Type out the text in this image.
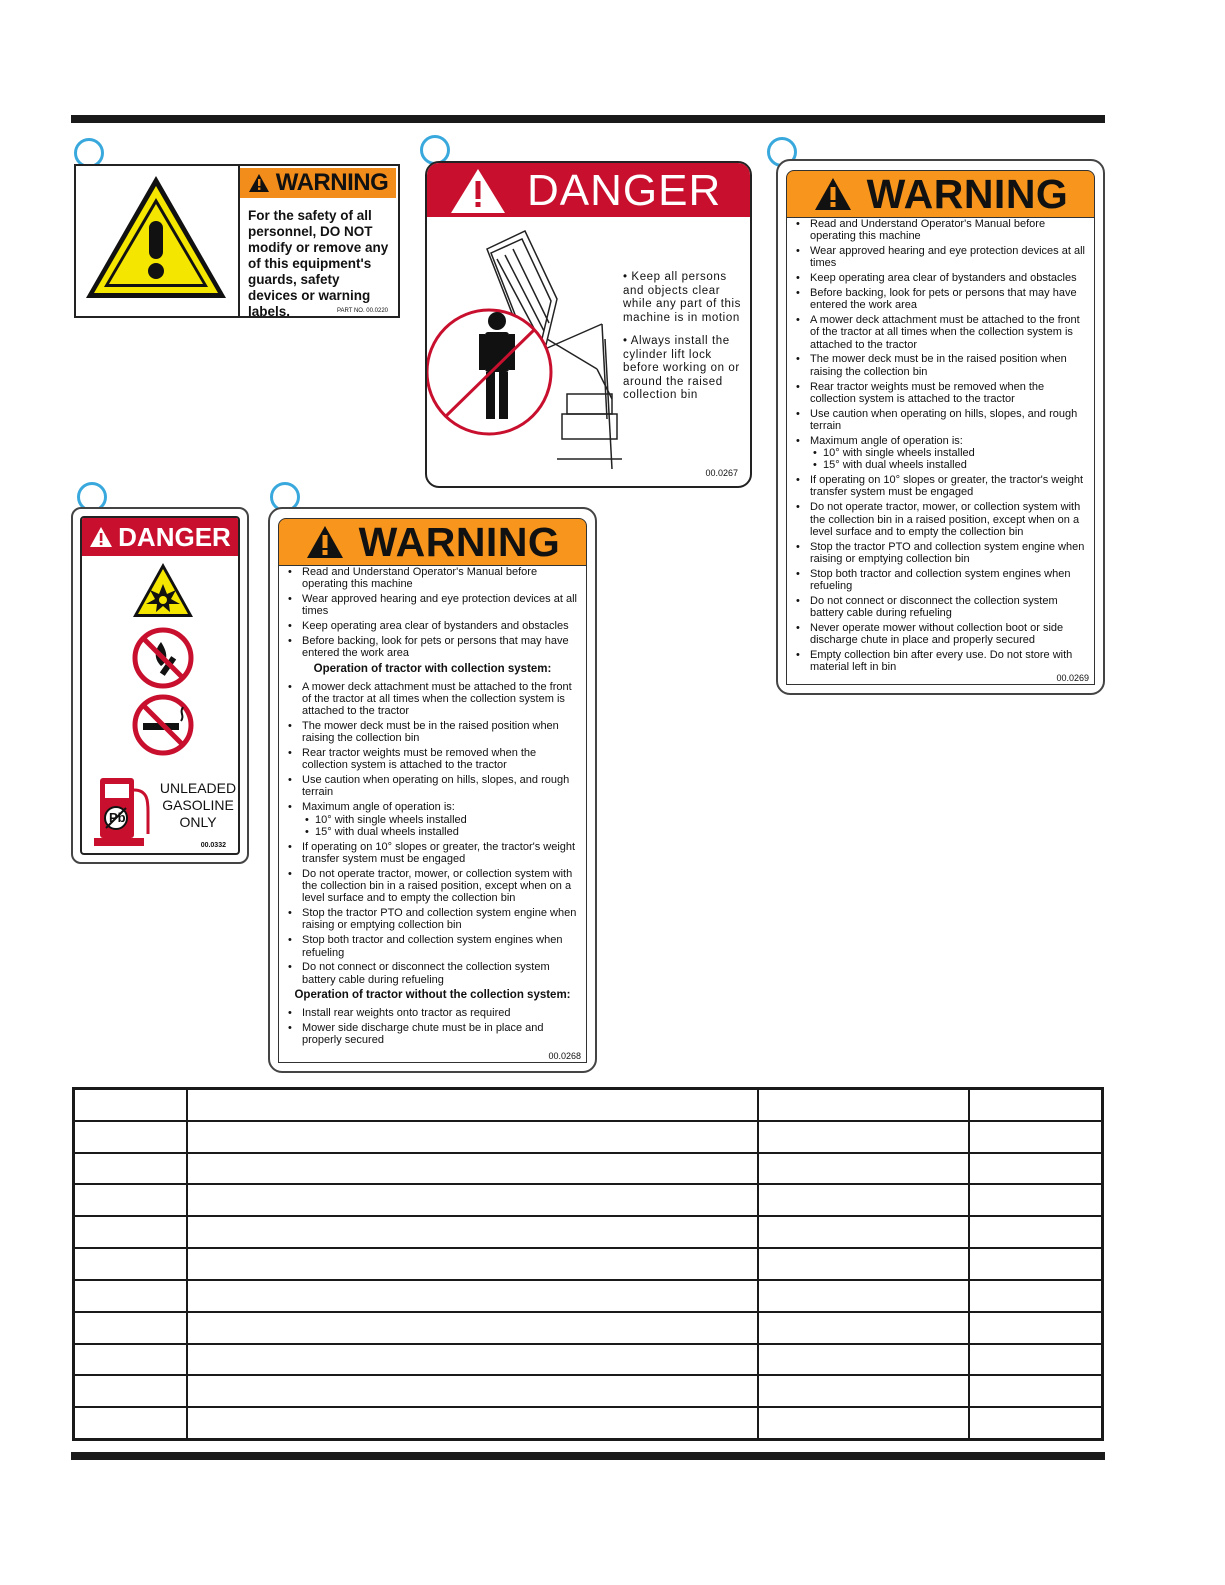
WARNING
For the safety of all personnel, DO NOT modify or remove any of this equipment's guards, safety devices or warning labels.	PART NO. 00.0220
DANGER

• Keep all persons and objects clear while any part of this machine is in motion

• Always install the cylinder lift lock before working on or around the raised collection bin

00.0267
WARNING
• Read and Understand Operator's Manual before operating this machine
• Wear approved hearing and eye protection devices at all times
• Keep operating area clear of bystanders and obstacles
• Before backing, look for pets or persons that may have entered the work area
• A mower deck attachment must be attached to the front of the tractor at all times when the collection system is attached to the tractor
• The mower deck must be in the raised position when raising the collection bin
• Rear tractor weights must be removed when the collection system is attached to the tractor
• Use caution when operating on hills, slopes, and rough terrain
• Maximum angle of operation is:
• 10° with single wheels installed
• 15° with dual wheels installed
• If operating on 10° slopes or greater, the tractor's weight transfer system must be engaged
• Do not operate tractor, mower, or collection system with the collection bin in a raised position, except when on a level surface and to empty the collection bin
• Stop the tractor PTO and collection system engine when raising or emptying collection bin
• Stop both tractor and collection system engines when refueling
• Do not connect or disconnect the collection system battery cable during refueling
• Never operate mower without collection boot or side discharge chute in place and properly secured
• Empty collection bin after every use. Do not store with material left in bin
00.0269
DANGER
Pb
UNLEADED GASOLINE ONLY
00.0332
WARNING
• Read and Understand Operator's Manual before operating this machine
• Wear approved hearing and eye protection devices at all times
• Keep operating area clear of bystanders and obstacles
• Before backing, look for pets or persons that may have entered the work area
Operation of tractor with collection system:
• A mower deck attachment must be attached to the front of the tractor at all times when the collection system is attached to the tractor
• The mower deck must be in the raised position when raising the collection bin
• Rear tractor weights must be removed when the collection system is attached to the tractor
• Use caution when operating on hills, slopes, and rough terrain
• Maximum angle of operation is:
• 10° with single wheels installed
• 15° with dual wheels installed
• If operating on 10° slopes or greater, the tractor's weight transfer system must be engaged
• Do not operate tractor, mower, or collection system with the collection bin in a raised position, except when on a level surface and to empty the collection bin
• Stop the tractor PTO and collection system engine when raising or emptying collection bin
• Stop both tractor and collection system engines when refueling
• Do not connect or disconnect the collection system battery cable during refueling
Operation of tractor without the collection system:
• Install rear weights onto tractor as required
• Mower side discharge chute must be in place and properly secured
00.0268
